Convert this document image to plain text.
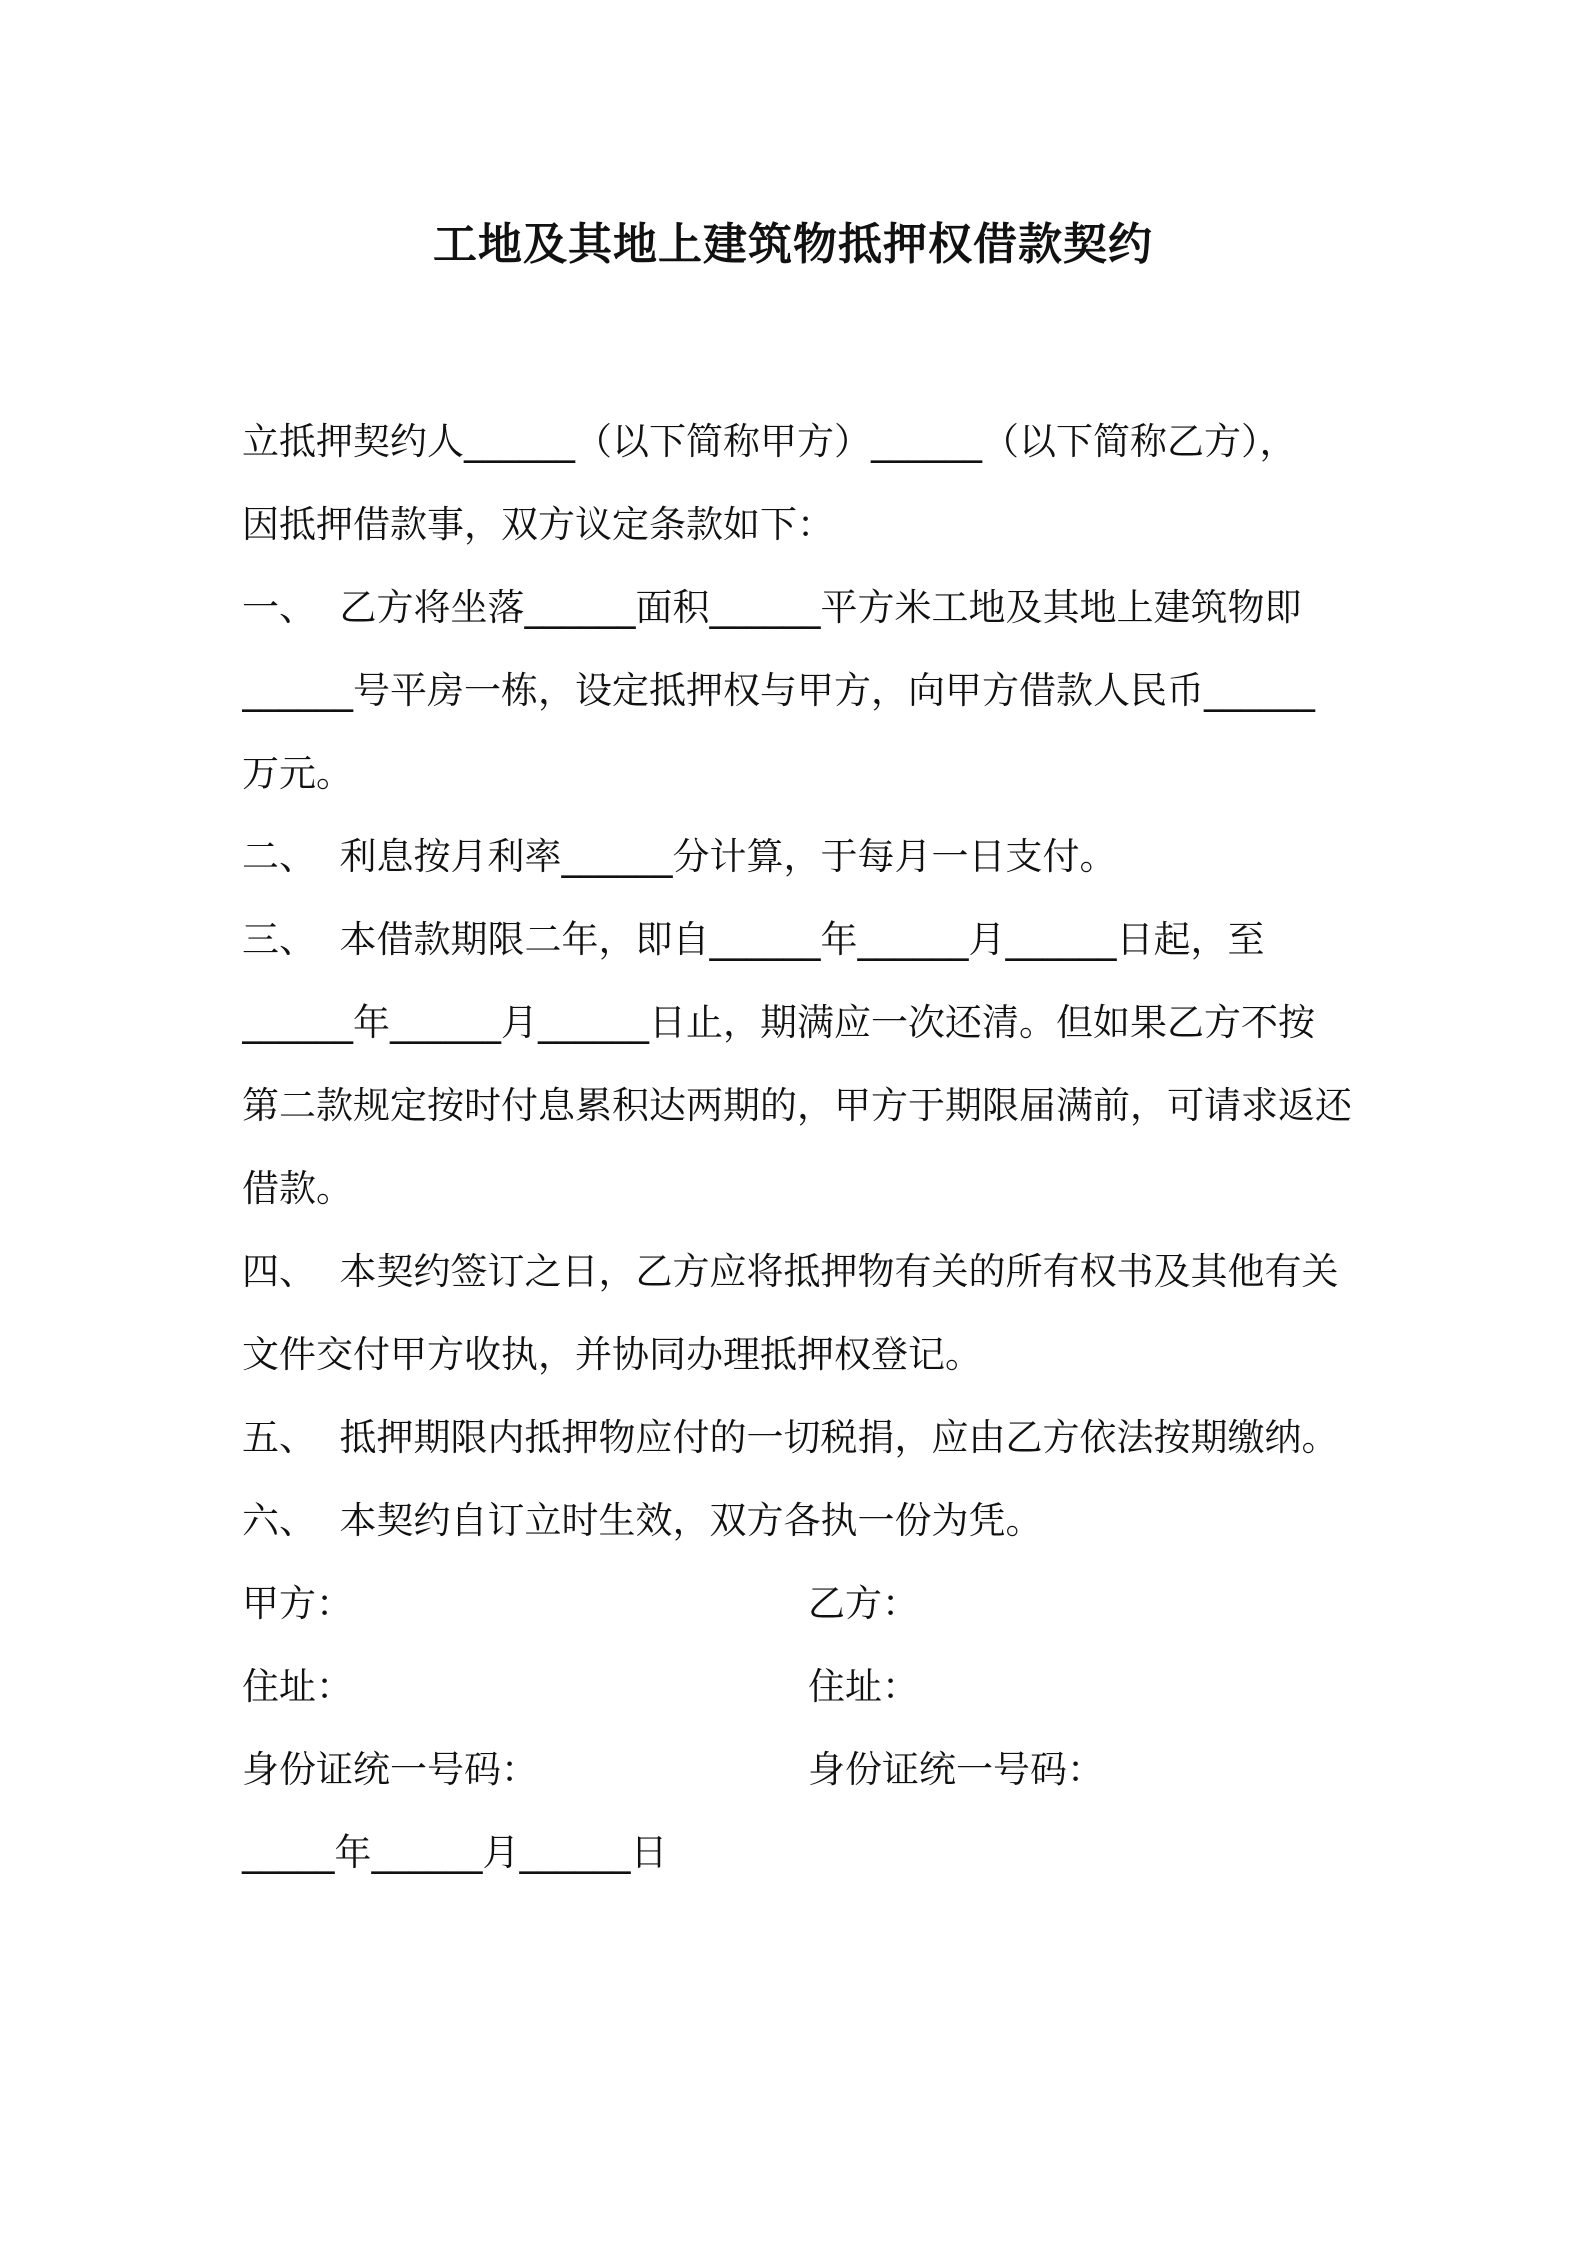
工地及其地上建筑物抵押权借款契约
立抵押契约人______（以下简称甲方）______（以下简称乙方），
因抵押借款事，双方议定条款如下：
一、  乙方将坐落______面积______平方米工地及其地上建筑物即
______号平房一栋，设定抵押权与甲方，向甲方借款人民币______
万元。
二、  利息按月利率______分计算，于每月一日支付。
三、  本借款期限二年，即自______年______月______日起，至
______年______月______日止，期满应一次还清。但如果乙方不按
第二款规定按时付息累积达两期的，甲方于期限届满前，可请求返还
借款。
四、  本契约签订之日，乙方应将抵押物有关的所有权书及其他有关
文件交付甲方收执，并协同办理抵押权登记。
五、  抵押期限内抵押物应付的一切税捐，应由乙方依法按期缴纳。
六、  本契约自订立时生效，双方各执一份为凭。
甲方：	乙方：
住址：	住址：
身份证统一号码：	身份证统一号码：
_____年______月______日
